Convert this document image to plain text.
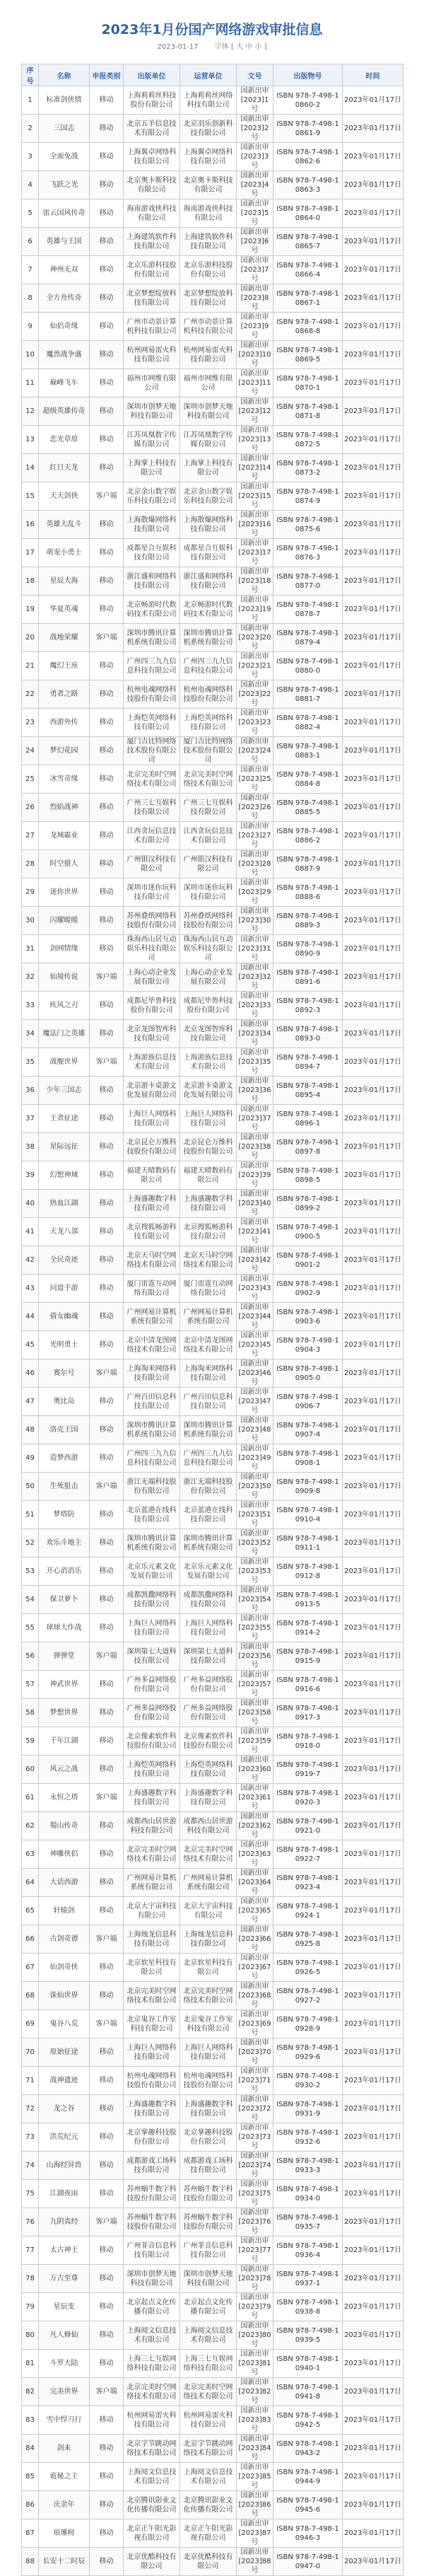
2023年1月份国产网络游戏审批信息
2023-01-17 字体 [ 大 中 小 ]
序号	名称	申报类别	出版单位	运营单位	文号	出版物号	时间
1	标准剑侠情	移动	上海莉莉丝科技股份有限公司	上海莉莉丝网络科技有限公司	国新出审[2023]1号	ISBN 978-7-498-10860-2	2023年01月17日
2	三国志	移动	北京五羊信息技术有限公司	北京羽乐创新科技有限公司	国新出审[2023]2号	ISBN 978-7-498-10861-9	2023年01月17日
3	全面免战	移动	上海翼卓网络科技有限公司	上海翼卓网络科技有限公司	国新出审[2023]3号	ISBN 978-7-498-10862-6	2023年01月17日
4	飞跃之光	移动	北京奥卡斯科技有限公司	北京奥卡斯科技有限公司	国新出审[2023]4号	ISBN 978-7-498-10863-3	2023年01月17日
5	雷云国风传奇	移动	海南游戏侠科技有限公司	海南游戏侠科技有限公司	国新出审[2023]5号	ISBN 978-7-498-10864-0	2023年01月17日
6	英雄与王国	移动	上海建筑软件科技有限公司	上海建筑软件科技有限公司	国新出审[2023]6号	ISBN 978-7-498-10865-7	2023年01月17日
7	神州无双	移动	北京乐游科技股份有限公司	北京乐游科技股份有限公司	国新出审[2023]7号	ISBN 978-7-498-10866-4	2023年01月17日
8	全方舟传奇	移动	北京梦想绽放科技有限公司	北京梦想绽放科技有限公司	国新出审[2023]8号	ISBN 978-7-498-10867-1	2023年01月17日
9	仙侣奇缘	移动	广州市动景计算机科技有限公司	广州市动景计算机科技有限公司	国新出审[2023]9号	ISBN 978-7-498-10868-8	2023年01月17日
10	魔兽战争盛	移动	杭州网易雷火科技有限公司	杭州网易雷火科技有限公司	国新出审[2023]10号	ISBN 978-7-498-10869-5	2023年01月17日
11	巅峰飞车	移动	福州市网维有限公司	福州市网维有限公司	国新出审[2023]11号	ISBN 978-7-498-10870-1	2023年01月17日
12	超级英雄传奇	移动	深圳市创梦天地科技有限公司	深圳市创梦天地科技有限公司	国新出审[2023]12号	ISBN 978-7-498-10871-8	2023年01月17日
13	恋光草原	移动	江苏凤凰数字传媒有限公司	江苏凤凰数字传媒有限公司	国新出审[2023]13号	ISBN 978-7-498-10872-5	2023年01月17日
14	红日天龙	移动	上海掌上科技有限公司	上海掌上科技有限公司	国新出审[2023]14号	ISBN 978-7-498-10873-2	2023年01月17日
15	天天剑侠	客户端	北京金山数字娱乐科技有限公司	北京金山数字娱乐科技有限公司	国新出审[2023]15号	ISBN 978-7-498-10874-9	2023年01月17日
16	英雄大乱斗	移动	上海散爆网络科技有限公司	上海散爆网络科技有限公司	国新出审[2023]16号	ISBN 978-7-498-10875-6	2023年01月17日
17	萌宠小勇士	移动	成都星合互娱科技有限公司	成都星合互娱科技有限公司	国新出审[2023]17号	ISBN 978-7-498-10876-3	2023年01月17日
18	星辰大海	移动	浙江盛和网络科技有限公司	浙江盛和网络科技有限公司	国新出审[2023]18号	ISBN 978-7-498-10877-0	2023年01月17日
19	华夏英魂	移动	北京畅游时代数码技术有限公司	北京畅游时代数码技术有限公司	国新出审[2023]19号	ISBN 978-7-498-10878-7	2023年01月17日
20	战地荣耀	客户端	深圳市腾讯计算机系统有限公司	深圳市腾讯计算机系统有限公司	国新出审[2023]20号	ISBN 978-7-498-10879-4	2023年01月17日
21	魔幻王座	移动	广州四三九九信息科技有限公司	广州四三九九信息科技有限公司	国新出审[2023]21号	ISBN 978-7-498-10880-0	2023年01月17日
22	勇者之路	移动	杭州电魂网络科技股份有限公司	杭州电魂网络科技股份有限公司	国新出审[2023]22号	ISBN 978-7-498-10881-7	2023年01月17日
23	西游外传	移动	上海恺英网络科技有限公司	上海恺英网络科技有限公司	国新出审[2023]23号	ISBN 978-7-498-10882-4	2023年01月17日
24	梦幻花园	移动	厦门吉比特网络技术股份有限公司	厦门吉比特网络技术股份有限公司	国新出审[2023]24号	ISBN 978-7-498-10883-1	2023年01月17日
25	冰雪奇缘	移动	北京完美时空网络技术有限公司	北京完美时空网络技术有限公司	国新出审[2023]25号	ISBN 978-7-498-10884-8	2023年01月17日
26	烈焰战神	移动	广州三七互娱科技有限公司	广州三七互娱科技有限公司	国新出审[2023]26号	ISBN 978-7-498-10885-5	2023年01月17日
27	龙城霸业	移动	江西贪玩信息技术有限公司	江西贪玩信息技术有限公司	国新出审[2023]27号	ISBN 978-7-498-10886-2	2023年01月17日
28	时空猎人	移动	广州银汉科技有限公司	广州银汉科技有限公司	国新出审[2023]28号	ISBN 978-7-498-10887-9	2023年01月17日
29	迷你世界	移动	深圳市迷你玩科技有限公司	深圳市迷你玩科技有限公司	国新出审[2023]29号	ISBN 978-7-498-10888-6	2023年01月17日
30	闪耀暖暖	移动	苏州叠纸网络科技股份有限公司	苏州叠纸网络科技股份有限公司	国新出审[2023]30号	ISBN 978-7-498-10889-3	2023年01月17日
31	剑网情缘	移动	珠海西山居互动娱乐科技有限公司	珠海西山居互动娱乐科技有限公司	国新出审[2023]31号	ISBN 978-7-498-10890-9	2023年01月17日
32	仙境传说	客户端	上海心动企业发展有限公司	上海心动企业发展有限公司	国新出审[2023]32号	ISBN 978-7-498-10891-6	2023年01月17日
33	疾风之刃	移动	成都尼毕鲁科技股份有限公司	成都尼毕鲁科技股份有限公司	国新出审[2023]33号	ISBN 978-7-498-10892-3	2023年01月17日
34	魔法门之英雄	移动	北京龙图智库科技有限公司	北京龙图智库科技有限公司	国新出审[2023]34号	ISBN 978-7-498-10893-0	2023年01月17日
35	战舰世界	客户端	上海游族信息技术有限公司	上海游族信息技术有限公司	国新出审[2023]35号	ISBN 978-7-498-10894-7	2023年01月17日
36	少年三国志	移动	北京游卡桌游文化发展有限公司	北京游卡桌游文化发展有限公司	国新出审[2023]36号	ISBN 978-7-498-10895-4	2023年01月17日
37	王者征途	移动	上海巨人网络科技有限公司	上海巨人网络科技有限公司	国新出审[2023]37号	ISBN 978-7-498-10896-1	2023年01月17日
38	星际远征	移动	北京昆仑万维科技股份有限公司	北京昆仑万维科技股份有限公司	国新出审[2023]38号	ISBN 978-7-498-10897-8	2023年01月17日
39	幻想神域	移动	福建天晴数码有限公司	福建天晴数码有限公司	国新出审[2023]39号	ISBN 978-7-498-10898-5	2023年01月17日
40	热血江湖	移动	上海盛趣数字科技有限公司	上海盛趣数字科技有限公司	国新出审[2023]40号	ISBN 978-7-498-10899-2	2023年01月17日
41	天龙八部	移动	北京搜狐畅游科技有限公司	北京搜狐畅游科技有限公司	国新出审[2023]41号	ISBN 978-7-498-10900-5	2023年01月17日
42	全民奇迹	移动	北京天马时空网络技术有限公司	北京天马时空网络技术有限公司	国新出审[2023]42号	ISBN 978-7-498-10901-2	2023年01月17日
43	问道手游	移动	厦门雷霆互动网络有限公司	厦门雷霆互动网络有限公司	国新出审[2023]43号	ISBN 978-7-498-10902-9	2023年01月17日
44	倩女幽魂	移动	广州网易计算机系统有限公司	广州网易计算机系统有限公司	国新出审[2023]44号	ISBN 978-7-498-10903-6	2023年01月17日
45	光明勇士	移动	北京中清龙图网络技术有限公司	北京中清龙图网络技术有限公司	国新出审[2023]45号	ISBN 978-7-498-10904-3	2023年01月17日
46	赛尔号	客户端	上海淘米网络科技有限公司	上海淘米网络科技有限公司	国新出审[2023]46号	ISBN 978-7-498-10905-0	2023年01月17日
47	奥比岛	移动	广州百田信息科技有限公司	广州百田信息科技有限公司	国新出审[2023]47号	ISBN 978-7-498-10906-7	2023年01月17日
48	洛克王国	移动	深圳市腾讯计算机系统有限公司	深圳市腾讯计算机系统有限公司	国新出审[2023]48号	ISBN 978-7-498-10907-4	2023年01月17日
49	造梦西游	移动	广州四三九九信息科技有限公司	广州四三九九信息科技有限公司	国新出审[2023]49号	ISBN 978-7-498-10908-1	2023年01月17日
50	生死狙击	客户端	浙江无端科技股份有限公司	浙江无端科技股份有限公司	国新出审[2023]50号	ISBN 978-7-498-10909-8	2023年01月17日
51	梦塔防	移动	北京蓝港在线科技有限公司	北京蓝港在线科技有限公司	国新出审[2023]51号	ISBN 978-7-498-10910-4	2023年01月17日
52	欢乐斗地主	移动	深圳市腾讯计算机系统有限公司	深圳市腾讯计算机系统有限公司	国新出审[2023]52号	ISBN 978-7-498-10911-1	2023年01月17日
53	开心消消乐	移动	北京乐元素文化发展有限公司	北京乐元素文化发展有限公司	国新出审[2023]53号	ISBN 978-7-498-10912-8	2023年01月17日
54	保卫萝卜	移动	成都凯撒网络科技有限公司	成都凯撒网络科技有限公司	国新出审[2023]54号	ISBN 978-7-498-10913-5	2023年01月17日
55	球球大作战	移动	上海巨人网络科技有限公司	上海巨人网络科技有限公司	国新出审[2023]55号	ISBN 978-7-498-10914-2	2023年01月17日
56	弹弹堂	客户端	深圳第七大道科技有限公司	深圳第七大道科技有限公司	国新出审[2023]56号	ISBN 978-7-498-10915-9	2023年01月17日
57	神武世界	移动	广州多益网络股份有限公司	广州多益网络股份有限公司	国新出审[2023]57号	ISBN 978-7-498-10916-6	2023年01月17日
58	梦想世界	移动	广州多益网络股份有限公司	广州多益网络股份有限公司	国新出审[2023]58号	ISBN 978-7-498-10917-3	2023年01月17日
59	千年江湖	移动	北京像素软件科技股份有限公司	北京像素软件科技股份有限公司	国新出审[2023]59号	ISBN 978-7-498-10918-0	2023年01月17日
60	风云之战	移动	上海恺英网络科技有限公司	上海恺英网络科技有限公司	国新出审[2023]60号	ISBN 978-7-498-10919-7	2023年01月17日
61	永恒之塔	客户端	上海盛趣数字科技有限公司	上海盛趣数字科技有限公司	国新出审[2023]61号	ISBN 978-7-498-10920-3	2023年01月17日
62	蜀山传奇	移动	成都西山居世游科技有限公司	成都西山居世游科技有限公司	国新出审[2023]62号	ISBN 978-7-498-10921-0	2023年01月17日
63	神雕侠侣	移动	北京完美时空网络技术有限公司	北京完美时空网络技术有限公司	国新出审[2023]63号	ISBN 978-7-498-10922-7	2023年01月17日
64	大话西游	移动	广州网易计算机系统有限公司	广州网易计算机系统有限公司	国新出审[2023]64号	ISBN 978-7-498-10923-4	2023年01月17日
65	轩辕剑	移动	北京大宇宙科技有限公司	北京大宇宙科技有限公司	国新出审[2023]65号	ISBN 978-7-498-10924-1	2023年01月17日
66	古剑奇谭	客户端	上海烛龙信息科技有限公司	上海烛龙信息科技有限公司	国新出审[2023]66号	ISBN 978-7-498-10925-8	2023年01月17日
67	仙剑奇侠	移动	北京软星科技有限公司	北京软星科技有限公司	国新出审[2023]67号	ISBN 978-7-498-10926-5	2023年01月17日
68	诛仙世界	移动	北京完美时空网络技术有限公司	北京完美时空网络技术有限公司	国新出审[2023]68号	ISBN 978-7-498-10927-2	2023年01月17日
69	鬼谷八荒	客户端	北京鬼谷工作室科技有限公司	北京鬼谷工作室科技有限公司	国新出审[2023]69号	ISBN 978-7-498-10928-9	2023年01月17日
70	原始征途	移动	上海巨人网络科技有限公司	上海巨人网络科技有限公司	国新出审[2023]70号	ISBN 978-7-498-10929-6	2023年01月17日
71	战神遗迹	移动	杭州电魂网络科技股份有限公司	杭州电魂网络科技股份有限公司	国新出审[2023]71号	ISBN 978-7-498-10930-2	2023年01月17日
72	龙之谷	移动	上海盛趣数字科技有限公司	上海盛趣数字科技有限公司	国新出审[2023]72号	ISBN 978-7-498-10931-9	2023年01月17日
73	洪荒纪元	移动	北京掌趣科技股份有限公司	北京掌趣科技股份有限公司	国新出审[2023]73号	ISBN 978-7-498-10932-6	2023年01月17日
74	山海经异兽	移动	成都游戏工场科技有限公司	成都游戏工场科技有限公司	国新出审[2023]74号	ISBN 978-7-498-10933-3	2023年01月17日
75	江湖夜雨	移动	苏州蜗牛数字科技股份有限公司	苏州蜗牛数字科技股份有限公司	国新出审[2023]75号	ISBN 978-7-498-10934-0	2023年01月17日
76	九阴真经	客户端	苏州蜗牛数字科技股份有限公司	苏州蜗牛数字科技股份有限公司	国新出审[2023]76号	ISBN 978-7-498-10935-7	2023年01月17日
77	太古神王	移动	广州菲音信息科技有限公司	广州菲音信息科技有限公司	国新出审[2023]77号	ISBN 978-7-498-10936-4	2023年01月17日
78	万古至尊	移动	深圳市创梦天地科技有限公司	深圳市创梦天地科技有限公司	国新出审[2023]78号	ISBN 978-7-498-10937-1	2023年01月17日
79	星辰变	移动	北京起点文化传播有限公司	北京起点文化传播有限公司	国新出审[2023]79号	ISBN 978-7-498-10938-8	2023年01月17日
80	凡人修仙	移动	上海阅文信息技术有限公司	上海阅文信息技术有限公司	国新出审[2023]80号	ISBN 978-7-498-10939-5	2023年01月17日
81	斗罗大陆	移动	上海三七互娱网络科技有限公司	上海三七互娱网络科技有限公司	国新出审[2023]81号	ISBN 978-7-498-10940-1	2023年01月17日
82	完美世界	客户端	北京完美时空网络技术有限公司	北京完美时空网络技术有限公司	国新出审[2023]82号	ISBN 978-7-498-10941-8	2023年01月17日
83	雪中悍刀行	移动	杭州网易雷火科技有限公司	杭州网易雷火科技有限公司	国新出审[2023]83号	ISBN 978-7-498-10942-5	2023年01月17日
84	剑来	移动	北京字节跳动网络技术有限公司	北京字节跳动网络技术有限公司	国新出审[2023]84号	ISBN 978-7-498-10943-2	2023年01月17日
85	诡秘之主	移动	上海阅文信息技术有限公司	上海阅文信息技术有限公司	国新出审[2023]85号	ISBN 978-7-498-10944-9	2023年01月17日
86	庆余年	移动	北京腾讯影业文化传播有限公司	北京腾讯影业文化传播有限公司	国新出审[2023]86号	ISBN 978-7-498-10945-6	2023年01月17日
87	琅琊榜	移动	北京正午阳光影视有限公司	北京正午阳光影视有限公司	国新出审[2023]87号	ISBN 978-7-498-10946-3	2023年01月17日
88	长安十二时辰	移动	北京优酷科技有限公司	北京优酷科技有限公司	国新出审[2023]88号	ISBN 978-7-498-10947-0	2023年01月17日
